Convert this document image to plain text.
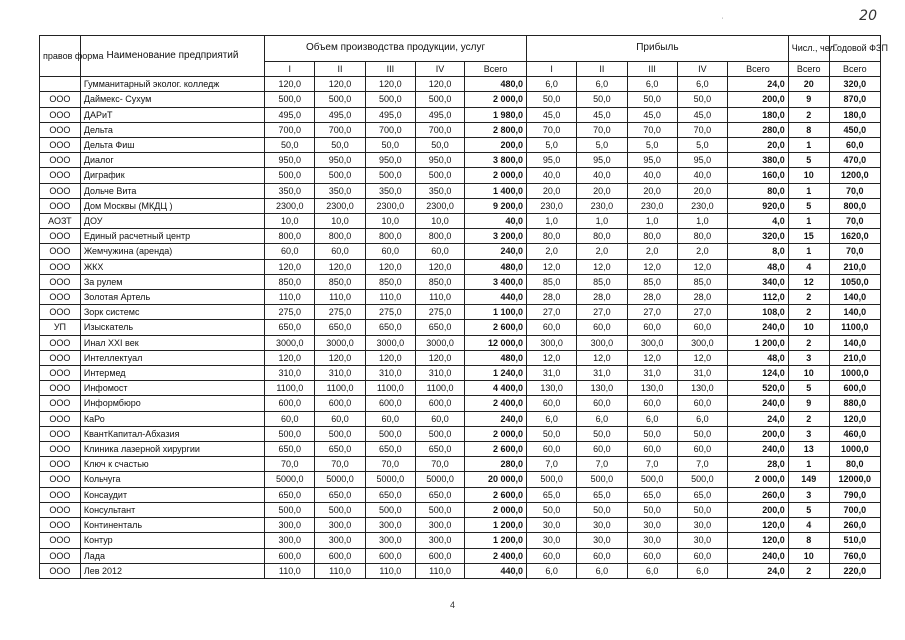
20
'
правов форма	Наименование предприятий	Объем производства продукции, услуг					Прибыль					Числ., чел.	Годовой ФЗП
		I	II	III	IV	Всего	I	II	III	IV	Всего	Всего	Всего
	Гумманитарный эколог. колледж	120,0	120,0	120,0	120,0	480,0	6,0	6,0	6,0	6,0	24,0	20	320,0
ООО	Даймекс- Сухум	500,0	500,0	500,0	500,0	2 000,0	50,0	50,0	50,0	50,0	200,0	9	870,0
ООО	ДАРиТ	495,0	495,0	495,0	495,0	1 980,0	45,0	45,0	45,0	45,0	180,0	2	180,0
ООО	Дельта	700,0	700,0	700,0	700,0	2 800,0	70,0	70,0	70,0	70,0	280,0	8	450,0
ООО	Дельта Фиш	50,0	50,0	50,0	50,0	200,0	5,0	5,0	5,0	5,0	20,0	1	60,0
ООО	Диалог	950,0	950,0	950,0	950,0	3 800,0	95,0	95,0	95,0	95,0	380,0	5	470,0
ООО	Диграфик	500,0	500,0	500,0	500,0	2 000,0	40,0	40,0	40,0	40,0	160,0	10	1200,0
ООО	Дольче Вита	350,0	350,0	350,0	350,0	1 400,0	20,0	20,0	20,0	20,0	80,0	1	70,0
ООО	Дом Москвы (МКДЦ )	2300,0	2300,0	2300,0	2300,0	9 200,0	230,0	230,0	230,0	230,0	920,0	5	800,0
АОЗТ	ДОУ	10,0	10,0	10,0	10,0	40,0	1,0	1,0	1,0	1,0	4,0	1	70,0
ООО	Единый расчетный центр	800,0	800,0	800,0	800,0	3 200,0	80,0	80,0	80,0	80,0	320,0	15	1620,0
ООО	Жемчужина (аренда)	60,0	60,0	60,0	60,0	240,0	2,0	2,0	2,0	2,0	8,0	1	70,0
ООО	ЖКХ	120,0	120,0	120,0	120,0	480,0	12,0	12,0	12,0	12,0	48,0	4	210,0
ООО	За рулем	850,0	850,0	850,0	850,0	3 400,0	85,0	85,0	85,0	85,0	340,0	12	1050,0
ООО	Золотая Артель	110,0	110,0	110,0	110,0	440,0	28,0	28,0	28,0	28,0	112,0	2	140,0
ООО	Зорк системс	275,0	275,0	275,0	275,0	1 100,0	27,0	27,0	27,0	27,0	108,0	2	140,0
УП	Изыскатель	650,0	650,0	650,0	650,0	2 600,0	60,0	60,0	60,0	60,0	240,0	10	1100,0
ООО	Инал XXI век	3000,0	3000,0	3000,0	3000,0	12 000,0	300,0	300,0	300,0	300,0	1 200,0	2	140,0
ООО	Интеллектуал	120,0	120,0	120,0	120,0	480,0	12,0	12,0	12,0	12,0	48,0	3	210,0
ООО	Интермед	310,0	310,0	310,0	310,0	1 240,0	31,0	31,0	31,0	31,0	124,0	10	1000,0
ООО	Инфомост	1100,0	1100,0	1100,0	1100,0	4 400,0	130,0	130,0	130,0	130,0	520,0	5	600,0
ООО	Информбюро	600,0	600,0	600,0	600,0	2 400,0	60,0	60,0	60,0	60,0	240,0	9	880,0
ООО	КаРо	60,0	60,0	60,0	60,0	240,0	6,0	6,0	6,0	6,0	24,0	2	120,0
ООО	КвантКапитал-Абхазия	500,0	500,0	500,0	500,0	2 000,0	50,0	50,0	50,0	50,0	200,0	3	460,0
ООО	Клиника лазерной хирургии	650,0	650,0	650,0	650,0	2 600,0	60,0	60,0	60,0	60,0	240,0	13	1000,0
ООО	Ключ к счастью	70,0	70,0	70,0	70,0	280,0	7,0	7,0	7,0	7,0	28,0	1	80,0
ООО	Кольчуга	5000,0	5000,0	5000,0	5000,0	20 000,0	500,0	500,0	500,0	500,0	2 000,0	149	12000,0
ООО	Консаудит	650,0	650,0	650,0	650,0	2 600,0	65,0	65,0	65,0	65,0	260,0	3	790,0
ООО	Консультант	500,0	500,0	500,0	500,0	2 000,0	50,0	50,0	50,0	50,0	200,0	5	700,0
ООО	Континенталь	300,0	300,0	300,0	300,0	1 200,0	30,0	30,0	30,0	30,0	120,0	4	260,0
ООО	Контур	300,0	300,0	300,0	300,0	1 200,0	30,0	30,0	30,0	30,0	120,0	8	510,0
ООО	Лада	600,0	600,0	600,0	600,0	2 400,0	60,0	60,0	60,0	60,0	240,0	10	760,0
ООО	Лев 2012	110,0	110,0	110,0	110,0	440,0	6,0	6,0	6,0	6,0	24,0	2	220,0
4
